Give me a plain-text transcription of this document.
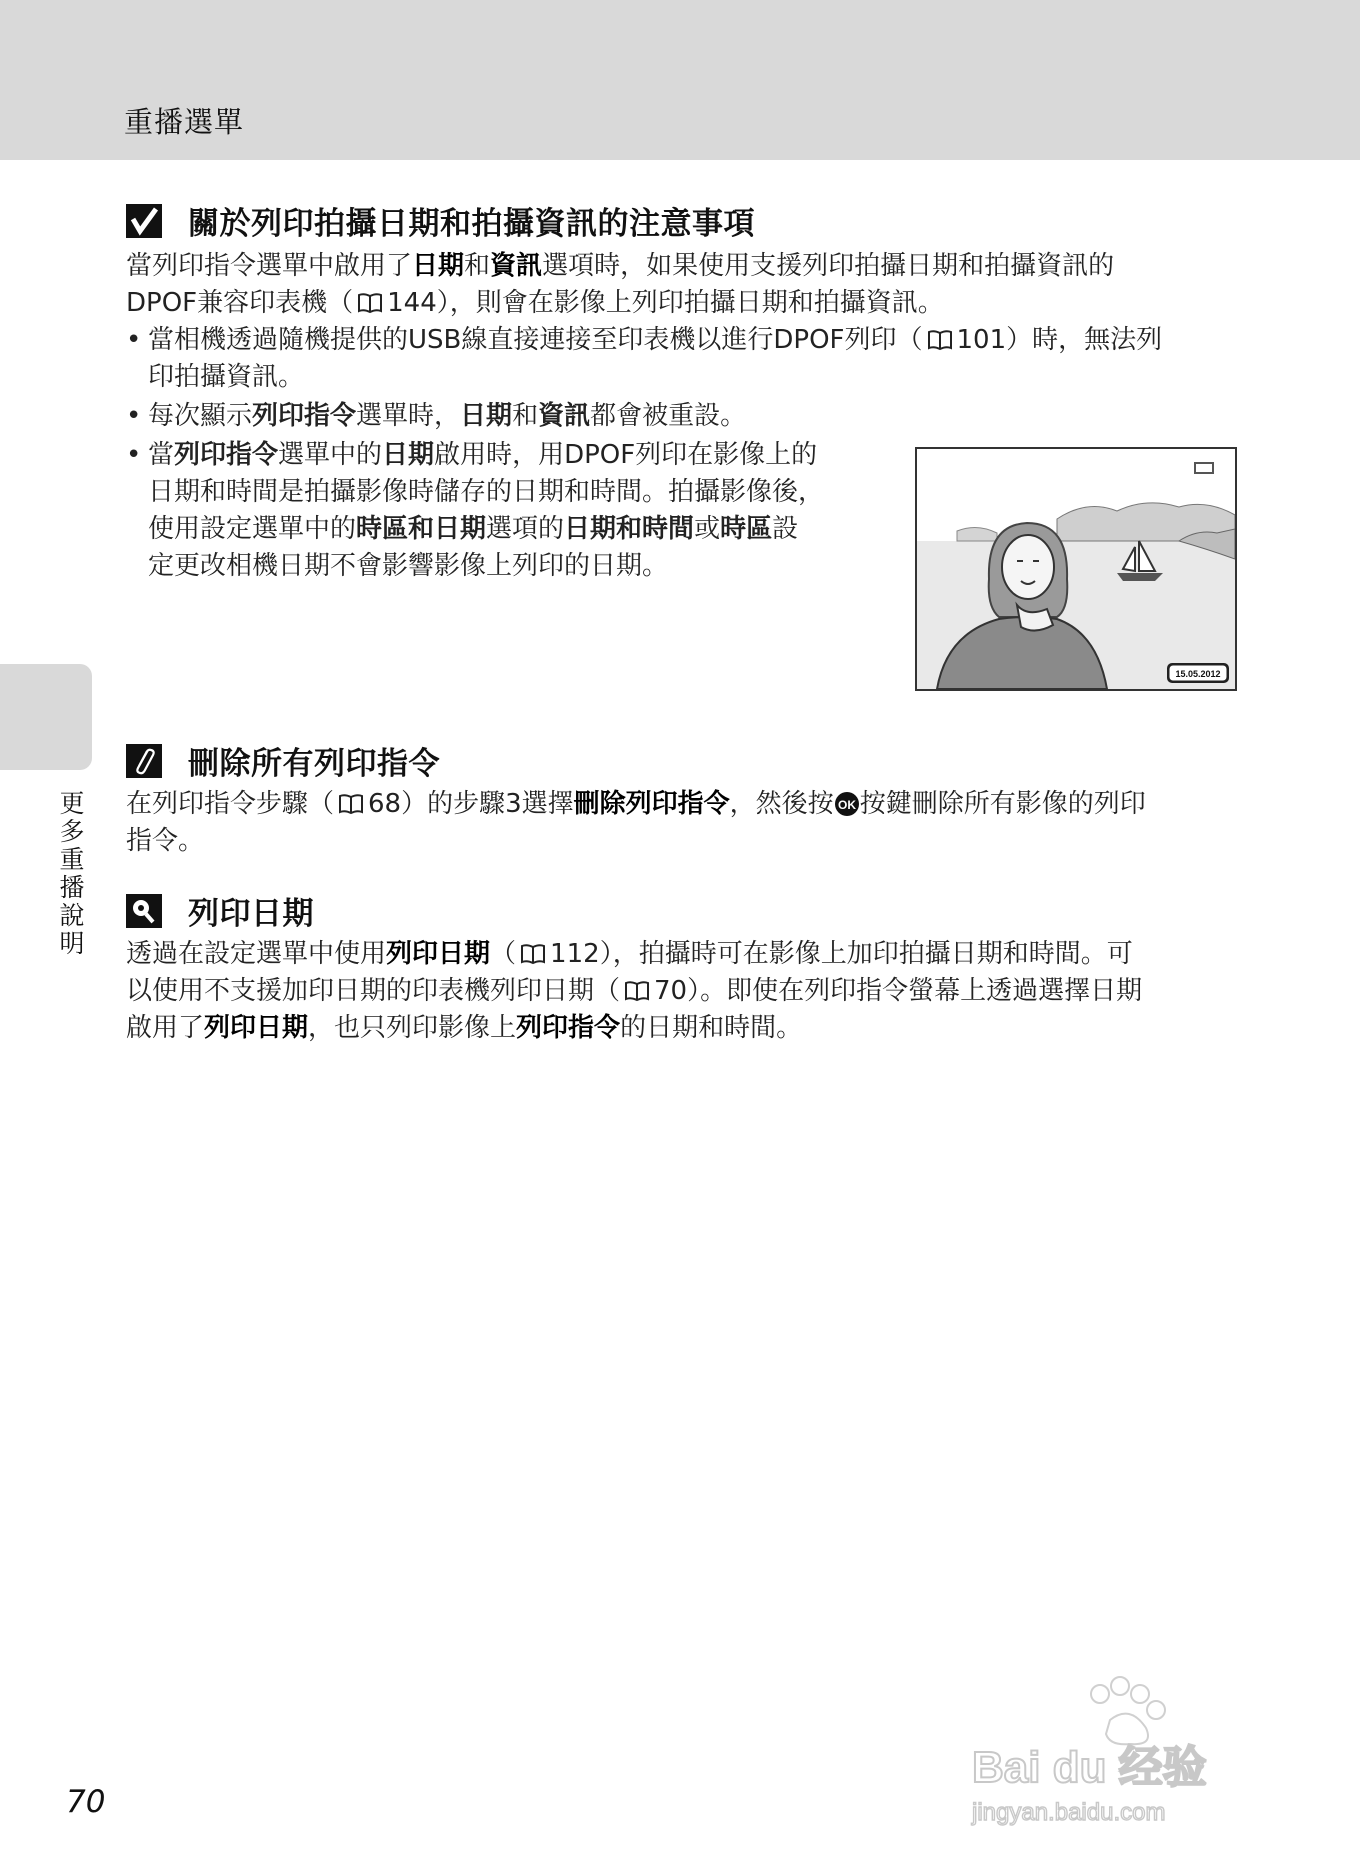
重播選單
更多重播說明
關於列印拍攝日期和拍攝資訊的注意事項
當列印指令選單中啟用了日期和資訊選項時，如果使用支援列印拍攝日期和拍攝資訊的
DPOF兼容印表機（ 144），則會在影像上列印拍攝日期和拍攝資訊。
• 當相機透過隨機提供的USB線直接連接至印表機以進行DPOF列印（ 101）時，無法列
印拍攝資訊。
• 每次顯示列印指令選單時，日期和資訊都會被重設。
• 當列印指令選單中的日期啟用時，用DPOF列印在影像上的
日期和時間是拍攝影像時儲存的日期和時間。拍攝影像後，
使用設定選單中的時區和日期選項的日期和時間或時區設
定更改相機日期不會影響影像上列印的日期。
15.05.2012
刪除所有列印指令
在列印指令步驟（ 68）的步驟3選擇刪除列印指令，然後按 OK 按鍵刪除所有影像的列印
指令。
列印日期
透過在設定選單中使用列印日期（ 112），拍攝時可在影像上加印拍攝日期和時間。可
以使用不支援加印日期的印表機列印日期（ 70）。即使在列印指令螢幕上透過選擇日期
啟用了列印日期，也只列印影像上列印指令的日期和時間。
70
Bai du 经验
jingyan.baidu.com
